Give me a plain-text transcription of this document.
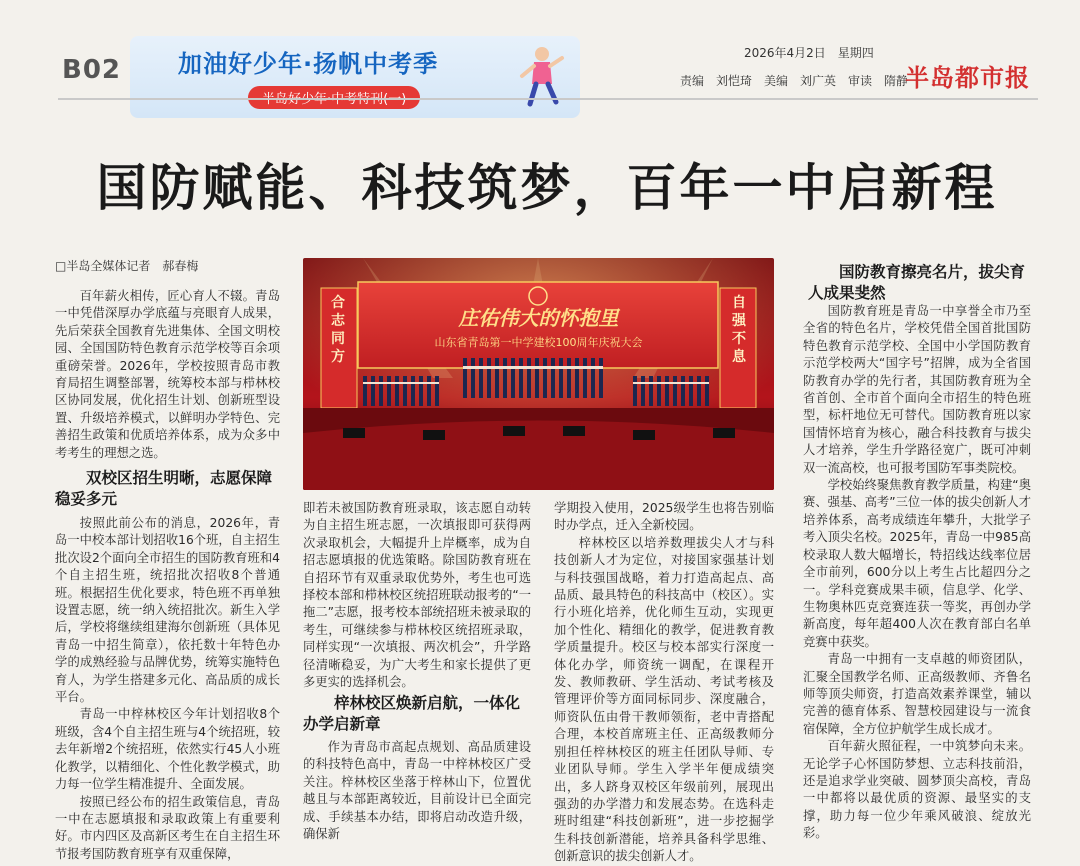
B02 加油好少年·扬帆中考季	2026年4月2日　星期四
责编　刘恺琦　美编　刘广英　审读　隋静
半岛都市报
国防赋能、科技筑梦，百年一中启新程
□半岛全媒体记者　郝春梅

百年薪火相传，匠心育人不辍。青岛一中凭借深厚办学底蕴与亮眼育人成果，先后荣获全国教育先进集体、全国文明校园、全国国防特色教育示范学校等百余项重磅荣誉。2026年，学校按照青岛市教育局招生调整部署，统筹校本部与栉林校区协同发展，优化招生计划、创新班型设置、升级培养模式，以鲜明办学特色、完善招生政策和优质培养体系，成为众多中考考生的理想之选。

双校区招生明晰，志愿保障稳妥多元

按照此前公布的消息，2026年，青岛一中校本部计划招收16个班，自主招生批次设2个面向全市招生的国防教育班和4个自主招生班，统招批次招收8个普通班。根据招生优化要求，特色班不再单独设置志愿，统一纳入统招批次。新生入学后，学校将继续组建海尔创新班（具体见青岛一中招生简章），依托数十年特色办学的成熟经验与品牌优势，统筹实施特色育人，为学生搭建多元化、高品质的成长平台。

青岛一中梓林校区今年计划招收8个班级，含4个自主招生班与4个统招班，较去年新增2个统招班，依然实行45人小班化教学，以精细化、个性化教学模式，助力每一位学生精准提升、全面发展。

按照已经公布的招生政策信息，青岛一中在志愿填报和录取政策上有重要利好。市内四区及高新区考生在自主招生环节报考国防教育班享有双重保障，

庄佑伟大的怀抱里
山东省青岛第一中学建校100周年庆祝大会
合志同方
自强不息

即若未被国防教育班录取，该志愿自动转为自主招生班志愿，一次填报即可获得两次录取机会，大幅提升上岸概率，成为自招志愿填报的优选策略。除国防教育班在自招环节有双重录取优势外，考生也可选择校本部和栉林校区统招班联动报考的“一拖二”志愿，报考校本部统招班未被录取的考生，可继续参与栉林校区统招班录取，同样实现“一次填报、两次机会”，升学路径清晰稳妥，为广大考生和家长提供了更多更实的选择机会。

梓林校区焕新启航，一体化办学启新章

作为青岛市高起点规划、高品质建设的科技特色高中，青岛一中梓林校区广受关注。梓林校区坐落于梓林山下，位置优越且与本部距离较近，目前设计已全面完成、手续基本办结，即将启动改造升级，确保新

学期投入使用，2025级学生也将告别临时办学点，迁入全新校园。

梓林校区以培养数理拔尖人才与科技创新人才为定位，对接国家强基计划与科技强国战略，着力打造高起点、高品质、最具特色的科技高中（校区）。实行小班化培养，优化师生互动，实现更加个性化、精细化的教学，促进教育教学质量提升。校区与校本部实行深度一体化办学，师资统一调配，在课程开发、教师教研、学生活动、考试考核及管理评价等方面同标同步、深度融合，师资队伍由骨干教师领衔，老中青搭配合理，本校首席班主任、正高级教师分别担任梓林校区的班主任团队导师、专业团队导师。学生入学半年便成绩突出，多人跻身双校区年级前列，展现出强劲的办学潜力和发展态势。在选科走班时组建“科技创新班”，进一步挖掘学生科技创新潜能，培养具备科学思维、创新意识的拔尖创新人才。

国防教育擦亮名片，拔尖育人成果斐然

国防教育班是青岛一中享誉全市乃至全省的特色名片，学校凭借全国首批国防特色教育示范学校、全国中小学国防教育示范学校两大“国字号”招牌，成为全省国防教育办学的先行者，其国防教育班为全省首创、全市首个面向全市招生的特色班型，标杆地位无可替代。国防教育班以家国情怀培育为核心，融合科技教育与拔尖人才培养，学生升学路径宽广，既可冲刺双一流高校，也可报考国防军事类院校。

学校始终聚焦教育教学质量，构建“奥赛、强基、高考”三位一体的拔尖创新人才培养体系，高考成绩连年攀升，大批学子考入顶尖名校。2025年，青岛一中985高校录取人数大幅增长，特招线达线率位居全市前列，600分以上考生占比超四分之一。学科竞赛成果丰硕，信息学、化学、生物奥林匹克竞赛连获一等奖，再创办学新高度，每年超400人次在教育部白名单竞赛中获奖。

青岛一中拥有一支卓越的师资团队，汇聚全国教学名师、正高级教师、齐鲁名师等顶尖师资，打造高效素养课堂，辅以完善的德育体系、智慧校园建设与一流食宿保障，全方位护航学生成长成才。

百年薪火照征程，一中筑梦向未来。无论学子心怀国防梦想、立志科技前沿，还是追求学业突破、圆梦顶尖高校，青岛一中都将以最优质的资源、最坚实的支撑，助力每一位少年乘风破浪、绽放光彩。
